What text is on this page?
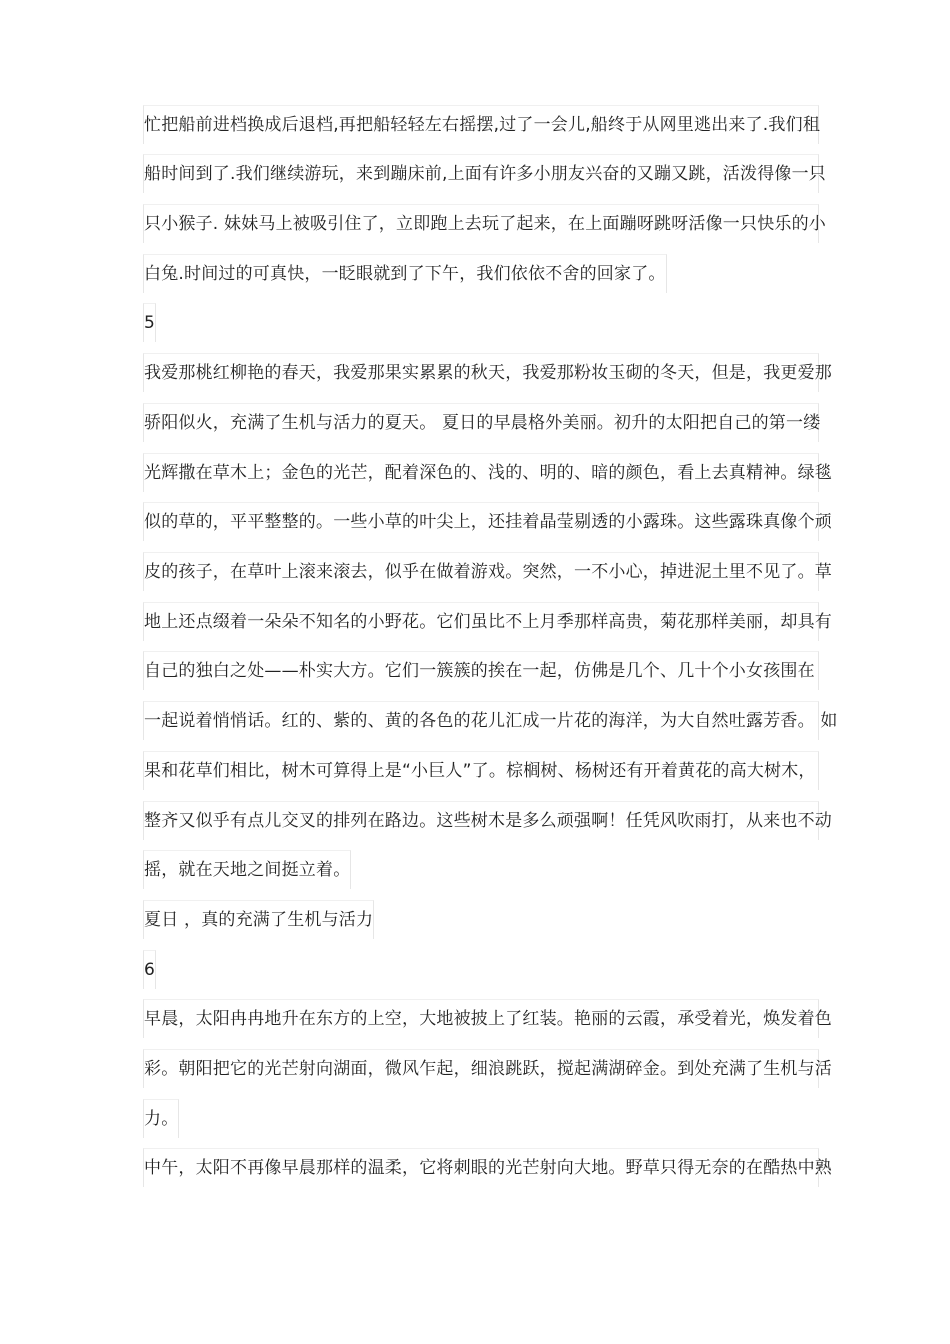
忙把船前进档换成后退档,再把船轻轻左右摇摆,过了一会儿,船终于从网里逃出来了.我们租
船时间到了.我们继续游玩，来到蹦床前,上面有许多小朋友兴奋的又蹦又跳，活泼得像一只
只小猴子. 妹妹马上被吸引住了，立即跑上去玩了起来，在上面蹦呀跳呀活像一只快乐的小
白兔.时间过的可真快，一眨眼就到了下午，我们依依不舍的回家了。
5
我爱那桃红柳艳的春天，我爱那果实累累的秋天，我爱那粉妆玉砌的冬天，但是，我更爱那
骄阳似火，充满了生机与活力的夏天。 夏日的早晨格外美丽。初升的太阳把自己的第一缕
光辉撒在草木上；金色的光芒，配着深色的、浅的、明的、暗的颜色，看上去真精神。绿毯
似的草的，平平整整的。一些小草的叶尖上，还挂着晶莹剔透的小露珠。这些露珠真像个顽
皮的孩子，在草叶上滚来滚去，似乎在做着游戏。突然，一不小心，掉进泥土里不见了。草
地上还点缀着一朵朵不知名的小野花。它们虽比不上月季那样高贵，菊花那样美丽，却具有
自己的独白之处——朴实大方。它们一簇簇的挨在一起，仿佛是几个、几十个小女孩围在
一起说着悄悄话。红的、紫的、黄的各色的花儿汇成一片花的海洋，为大自然吐露芳香。 如
果和花草们相比，树木可算得上是“小巨人”了。棕榈树、杨树还有开着黄花的高大树木，
整齐又似乎有点儿交叉的排列在路边。这些树木是多么顽强啊！任凭风吹雨打，从来也不动
摇，就在天地之间挺立着。
夏日 ，真的充满了生机与活力
6
早晨，太阳冉冉地升在东方的上空，大地被披上了红装。艳丽的云霞，承受着光，焕发着色
彩。朝阳把它的光芒射向湖面，微风乍起，细浪跳跃，搅起满湖碎金。到处充满了生机与活
力。
中午，太阳不再像早晨那样的温柔，它将刺眼的光芒射向大地。野草只得无奈的在酷热中熟
